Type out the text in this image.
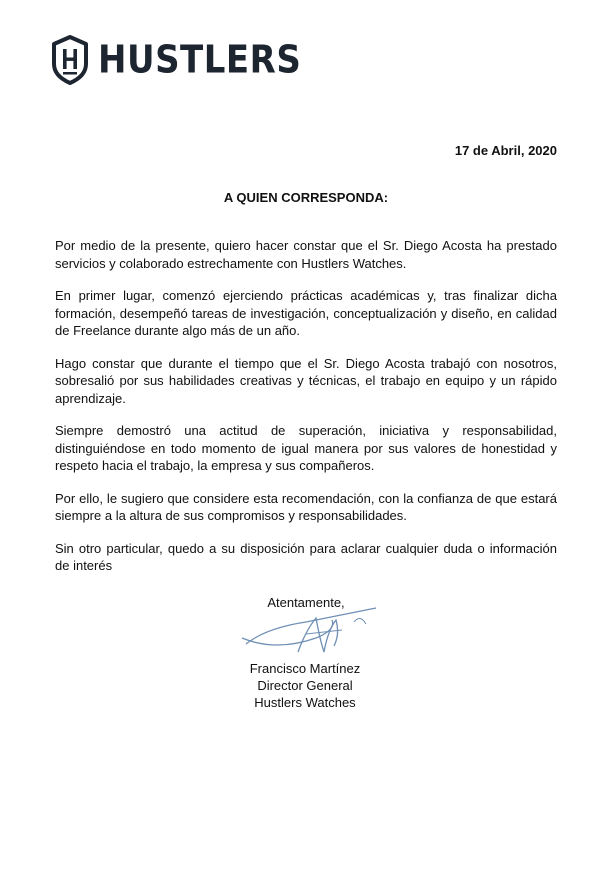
HUSTLERS
17 de Abril, 2020
A QUIEN CORRESPONDA:

Por medio de la presente, quiero hacer constar que el Sr. Diego Acosta ha prestado servicios y colaborado estrechamente con Hustlers Watches.

En primer lugar, comenzó ejerciendo prácticas académicas y, tras finalizar dicha formación, desempeñó tareas de investigación, conceptualización y diseño, en calidad de Freelance durante algo más de un año.

Hago constar que durante el tiempo que el Sr. Diego Acosta trabajó con nosotros, sobresalió por sus habilidades creativas y técnicas, el trabajo en equipo y un rápido aprendizaje.

Siempre demostró una actitud de superación, iniciativa y responsabilidad, distinguiéndose en todo momento de igual manera por sus valores de honestidad y respeto hacia el trabajo, la empresa y sus compañeros.

Por ello, le sugiero que considere esta recomendación, con la confianza de que estará siempre a la altura de sus compromisos y responsabilidades.

Sin otro particular, quedo a su disposición para aclarar cualquier duda o información de interés

Atentamente,
Francisco Martínez
Director General
Hustlers Watches
